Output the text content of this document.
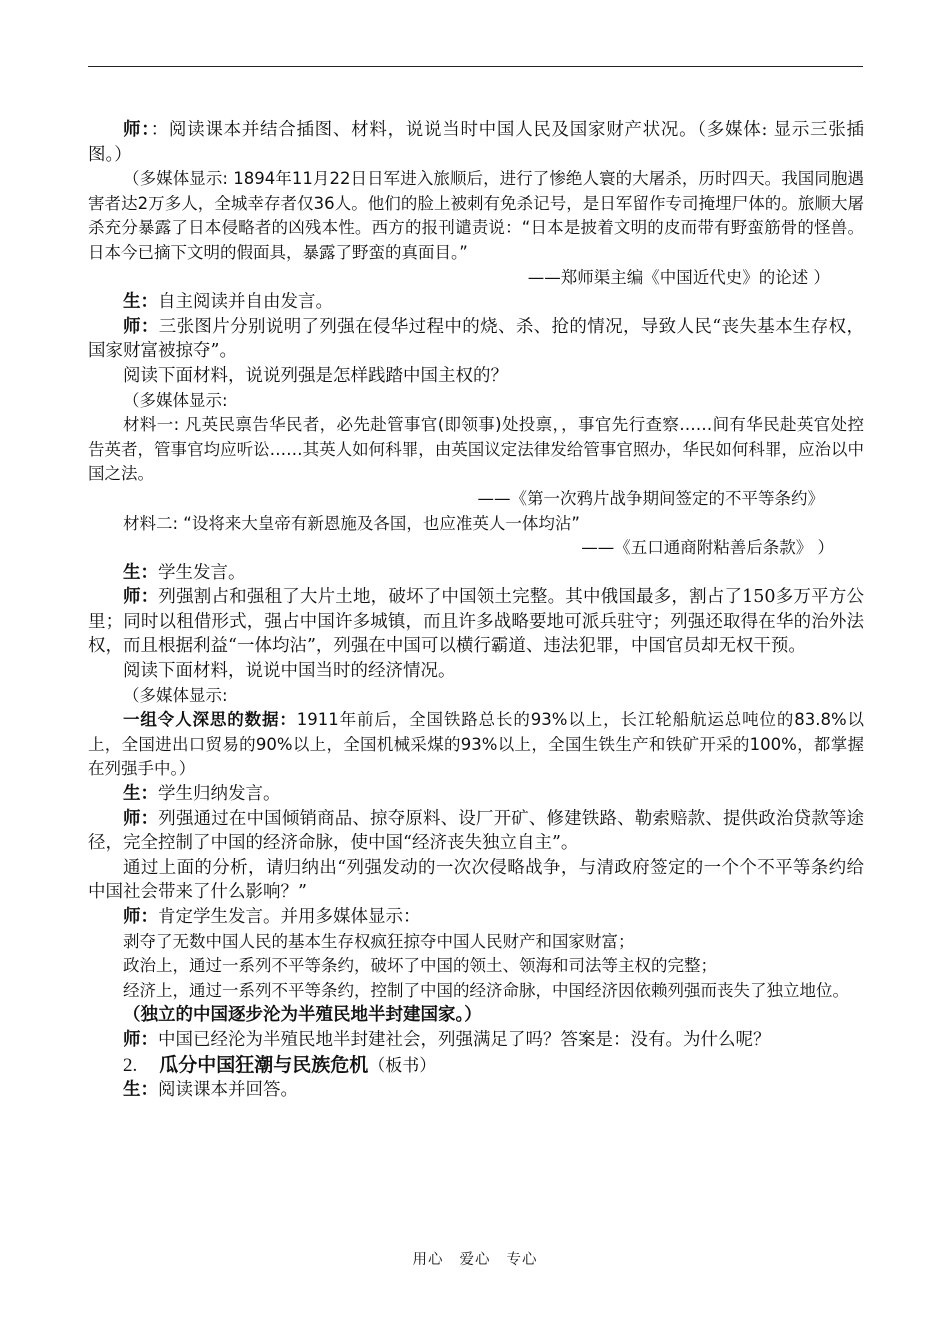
师：：阅读课本并结合插图、材料，说说当时中国人民及国家财产状况。（多媒体: 显示三张插图。）

（多媒体显示: 1894年11月22日日军进入旅顺后，进行了惨绝人寰的大屠杀，历时四天。我国同胞遇害者达2万多人，全城幸存者仅36人。他们的脸上被刺有免杀记号，是日军留作专司掩埋尸体的。旅顺大屠杀充分暴露了日本侵略者的凶残本性。西方的报刊谴责说：“日本是披着文明的皮而带有野蛮筋骨的怪兽。日本今已摘下文明的假面具，暴露了野蛮的真面目。”

——郑师渠主编《中国近代史》的论述 ）

生：自主阅读并自由发言。

师：三张图片分别说明了列强在侵华过程中的烧、杀、抢的情况，导致人民“丧失基本生存权，国家财富被掠夺”。

阅读下面材料，说说列强是怎样践踏中国主权的？

（多媒体显示:

材料一: 凡英民禀告华民者，必先赴管事官(即领事)处投禀，，事官先行查察……间有华民赴英官处控告英者，管事官均应听讼……其英人如何科罪，由英国议定法律发给管事官照办，华民如何科罪，应治以中国之法。

——《第一次鸦片战争期间签定的不平等条约》

材料二: “设将来大皇帝有新恩施及各国，也应准英人一体均沾”

——《五口通商附粘善后条款》 ）

生：学生发言。

师：列强割占和强租了大片土地，破坏了中国领土完整。其中俄国最多，割占了150多万平方公里；同时以租借形式，强占中国许多城镇，而且许多战略要地可派兵驻守；列强还取得在华的治外法权，而且根据利益“一体均沾”，列强在中国可以横行霸道、违法犯罪，中国官员却无权干预。

阅读下面材料，说说中国当时的经济情况。

（多媒体显示:

一组令人深思的数据：1911年前后，全国铁路总长的93%以上，长江轮船航运总吨位的83.8%以上，全国进出口贸易的90%以上，全国机械采煤的93%以上，全国生铁生产和铁矿开采的100%，都掌握在列强手中。）

生：学生归纳发言。

师：列强通过在中国倾销商品、掠夺原料、设厂开矿、修建铁路、勒索赔款、提供政治贷款等途径，完全控制了中国的经济命脉，使中国“经济丧失独立自主”。

通过上面的分析，请归纳出“列强发动的一次次侵略战争，与清政府签定的一个个不平等条约给中国社会带来了什么影响？”

师：肯定学生发言。并用多媒体显示：

剥夺了无数中国人民的基本生存权疯狂掠夺中国人民财产和国家财富；

政治上，通过一系列不平等条约，破坏了中国的领土、领海和司法等主权的完整；

经济上，通过一系列不平等条约，控制了中国的经济命脉，中国经济因依赖列强而丧失了独立地位。

（独立的中国逐步沦为半殖民地半封建国家。）

师：中国已经沦为半殖民地半封建社会，列强满足了吗？答案是：没有。为什么呢？

2. 瓜分中国狂潮与民族危机（板书）

生：阅读课本并回答。

用心 爱心 专心
